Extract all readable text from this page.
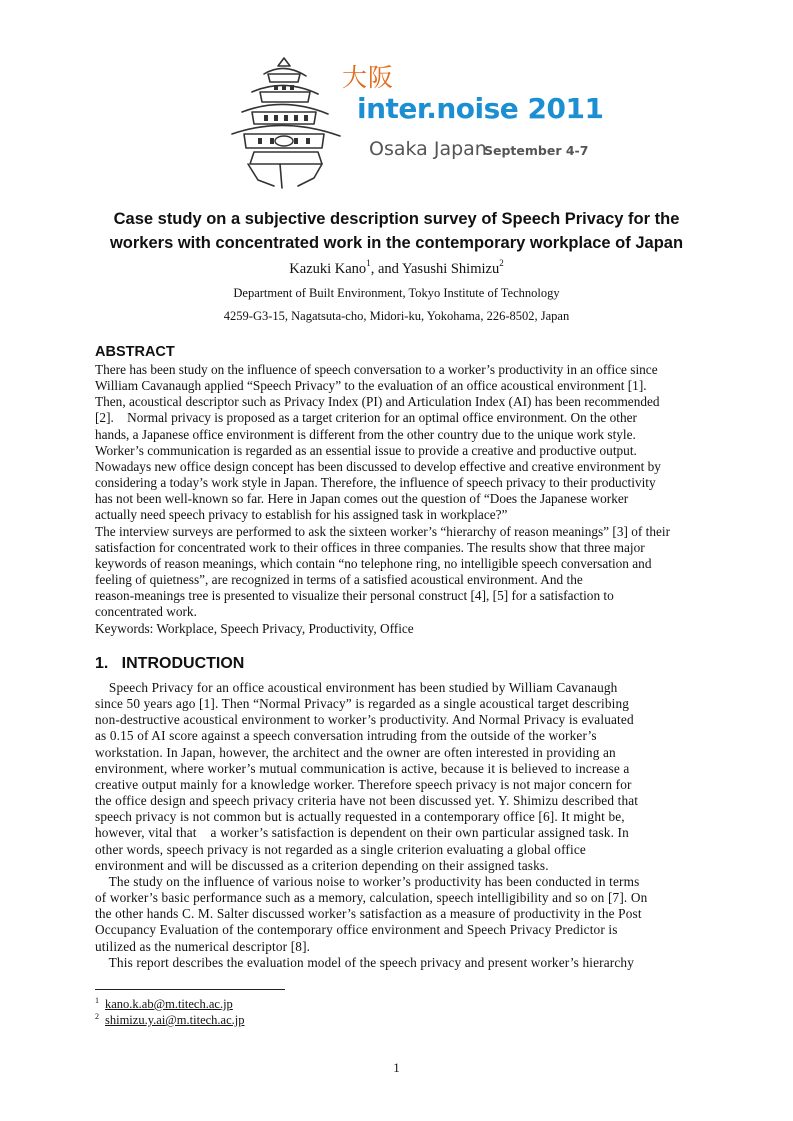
大阪
inter.noise 2011
Osaka Japan
September 4-7
Case study on a subjective description survey of Speech Privacy for the
workers with concentrated work in the contemporary workplace of Japan
Kazuki Kano$^1$, and Yasushi Shimizu$^2$
Department of Built Environment, Tokyo Institute of Technology
4259-G3-15, Nagatsuta-cho, Midori-ku, Yokohama, 226-8502, Japan
ABSTRACT

There has been study on the influence of speech conversation to a worker’s productivity in an office since

William Cavanaugh applied “Speech Privacy” to the evaluation of an office acoustical environment [1].

Then, acoustical descriptor such as Privacy Index (PI) and Articulation Index (AI) has been recommended

[2].    Normal privacy is proposed as a target criterion for an optimal office environment. On the other

hands, a Japanese office environment is different from the other country due to the unique work style.

Worker’s communication is regarded as an essential issue to provide a creative and productive output.

Nowadays new office design concept has been discussed to develop effective and creative environment by

considering a today’s work style in Japan. Therefore, the influence of speech privacy to their productivity

has not been well-known so far. Here in Japan comes out the question of “Does the Japanese worker

actually need speech privacy to establish for his assigned task in workplace?”

The interview surveys are performed to ask the sixteen worker’s “hierarchy of reason meanings” [3] of their

satisfaction for concentrated work to their offices in three companies. The results show that three major

keywords of reason meanings, which contain “no telephone ring, no intelligible speech conversation and

feeling of quietness”, are recognized in terms of a satisfied acoustical environment. And the

reason-meanings tree is presented to visualize their personal construct [4], [5] for a satisfaction to

concentrated work.

Keywords: Workplace, Speech Privacy, Productivity, Office

1.   INTRODUCTION

Speech Privacy for an office acoustical environment has been studied by William Cavanaugh

since 50 years ago [1]. Then “Normal Privacy” is regarded as a single acoustical target describing

non-destructive acoustical environment to worker’s productivity. And Normal Privacy is evaluated

as 0.15 of AI score against a speech conversation intruding from the outside of the worker’s

workstation. In Japan, however, the architect and the owner are often interested in providing an

environment, where worker’s mutual communication is active, because it is believed to increase a

creative output mainly for a knowledge worker. Therefore speech privacy is not major concern for

the office design and speech privacy criteria have not been discussed yet. Y. Shimizu described that

speech privacy is not common but is actually requested in a contemporary office [6]. It might be,

however, vital that    a worker’s satisfaction is dependent on their own particular assigned task. In

other words, speech privacy is not regarded as a single criterion evaluating a global office

environment and will be discussed as a criterion depending on their assigned tasks.

The study on the influence of various noise to worker’s productivity has been conducted in terms

of worker’s basic performance such as a memory, calculation, speech intelligibility and so on [7]. On

the other hands C. M. Salter discussed worker’s satisfaction as a measure of productivity in the Post

Occupancy Evaluation of the contemporary office environment and Speech Privacy Predictor is

utilized as the numerical descriptor [8].

This report describes the evaluation model of the speech privacy and present worker’s hierarchy

$^1$ kano.k.ab@m.titech.ac.jp
$^2$ shimizu.y.ai@m.titech.ac.jp
1
